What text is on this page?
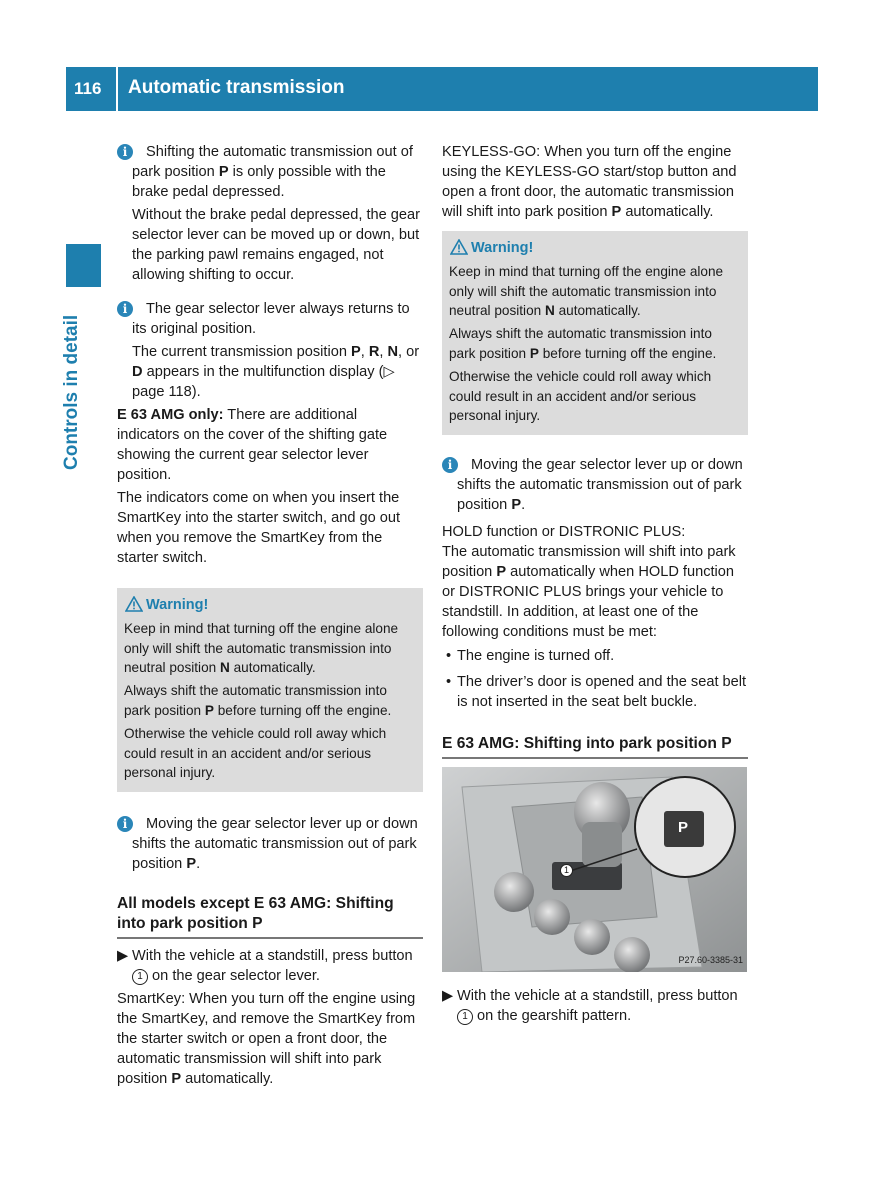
116 Automatic transmission
Controls in detail
i	Shifting the automatic transmission out of park position P is only possible with the brake pedal depressed.

Without the brake pedal depressed, the gear selector lever can be moved up or down, but the parking pawl remains engaged, not allowing shifting to occur.

i	The gear selector lever always returns to its original position.

The current transmission position P, R, N, or D appears in the multifunction display (▷ page 118).

E 63 AMG only: There are additional indicators on the cover of the shifting gate showing the current gear selector lever position.

The indicators come on when you insert the SmartKey into the starter switch, and go out when you remove the SmartKey from the starter switch.

Warning!

Keep in mind that turning off the engine alone only will shift the automatic transmission into neutral position N automatically.

Always shift the automatic transmission into park position P before turning off the engine.

Otherwise the vehicle could roll away which could result in an accident and/or serious personal injury.

i	Moving the gear selector lever up or down shifts the automatic transmission out of park position P.

All models except E 63 AMG: Shifting into park position P
▶ With the vehicle at a standstill, press button 1 on the gear selector lever.

SmartKey: When you turn off the engine using the SmartKey, and remove the SmartKey from the starter switch or open a front door, the automatic transmission will shift into park position P automatically.

KEYLESS-GO: When you turn off the engine using the KEYLESS-GO start/stop button and open a front door, the automatic transmission will shift into park position P automatically.

Warning!

Keep in mind that turning off the engine alone only will shift the automatic transmission into neutral position N automatically.

Always shift the automatic transmission into park position P before turning off the engine.

Otherwise the vehicle could roll away which could result in an accident and/or serious personal injury.

i	Moving the gear selector lever up or down shifts the automatic transmission out of park position P.

HOLD function or DISTRONIC PLUS:

The automatic transmission will shift into park position P automatically when HOLD function or DISTRONIC PLUS brings your vehicle to standstill. In addition, at least one of the following conditions must be met:

• The engine is turned off.
• The driver’s door is opened and the seat belt is not inserted in the seat belt buckle.
E 63 AMG: Shifting into park position P
P
1
P27.60-3385-31
▶ With the vehicle at a standstill, press button 1 on the gearshift pattern.
